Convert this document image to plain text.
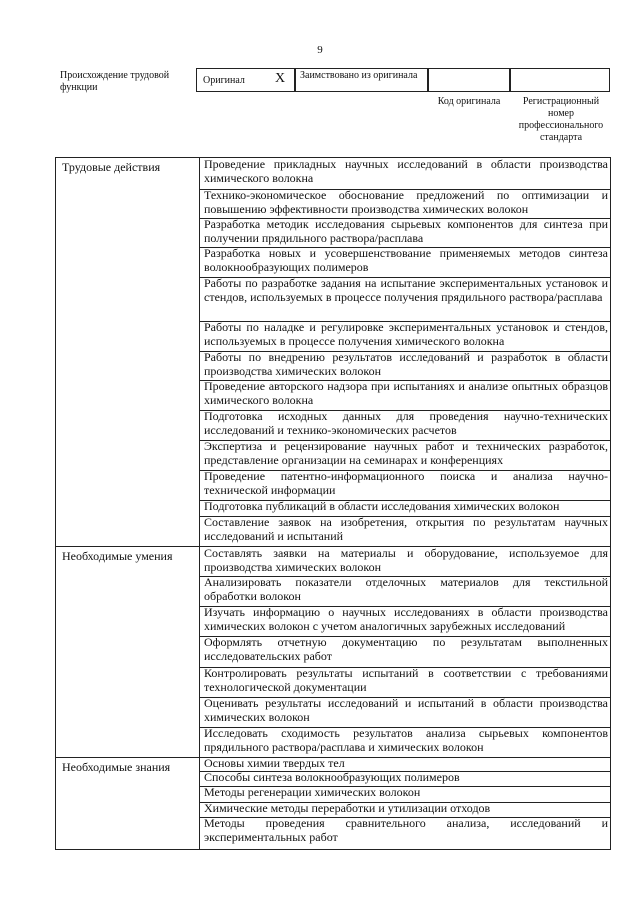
9
Происхождение трудовой функции
Оригинал X Заимствовано из оригинала
Код оригинала	Регистрационный номер профессионального стандарта
Трудовые действия
Необходимые умения
Необходимые знания
Проведение прикладных научных исследований в области производства химического волокна
Технико-экономическое обоснование предложений по оптимизации и повышению эффективности производства химических волокон
Разработка методик исследования сырьевых компонентов для синтеза при получении прядильного раствора/расплава
Разработка новых и усовершенствование применяемых методов синтеза волокнообразующих полимеров
Работы по разработке задания на испытание экспериментальных установок и стендов, используемых в процессе получения прядильного раствора/расплава
Работы по наладке и регулировке экспериментальных установок и стендов, используемых в процессе получения химического волокна
Работы по внедрению результатов исследований и разработок в области производства химических волокон
Проведение авторского надзора при испытаниях и анализе опытных образцов химического волокна
Подготовка исходных данных для проведения научно-технических исследований и технико-экономических расчетов
Экспертиза и рецензирование научных работ и технических разработок, представление организации на семинарах и конференциях
Проведение патентно-информационного поиска и анализа научно-технической информации
Подготовка публикаций в области исследования химических волокон
Составление заявок на изобретения, открытия по результатам научных исследований и испытаний
Составлять заявки на материалы и оборудование, используемое для производства химических волокон
Анализировать показатели отделочных материалов для текстильной обработки волокон
Изучать информацию о научных исследованиях в области производства химических волокон с учетом аналогичных зарубежных исследований
Оформлять отчетную документацию по результатам выполненных исследовательских работ
Контролировать результаты испытаний в соответствии с требованиями технологической документации
Оценивать результаты исследований и испытаний в области производства химических волокон
Исследовать сходимость результатов анализа сырьевых компонентов прядильного раствора/расплава и химических волокон
Основы химии твердых тел
Способы синтеза волокнообразующих полимеров
Методы регенерации химических волокон
Химические методы переработки и утилизации отходов
Методы проведения сравнительного анализа, исследований и экспериментальных работ
